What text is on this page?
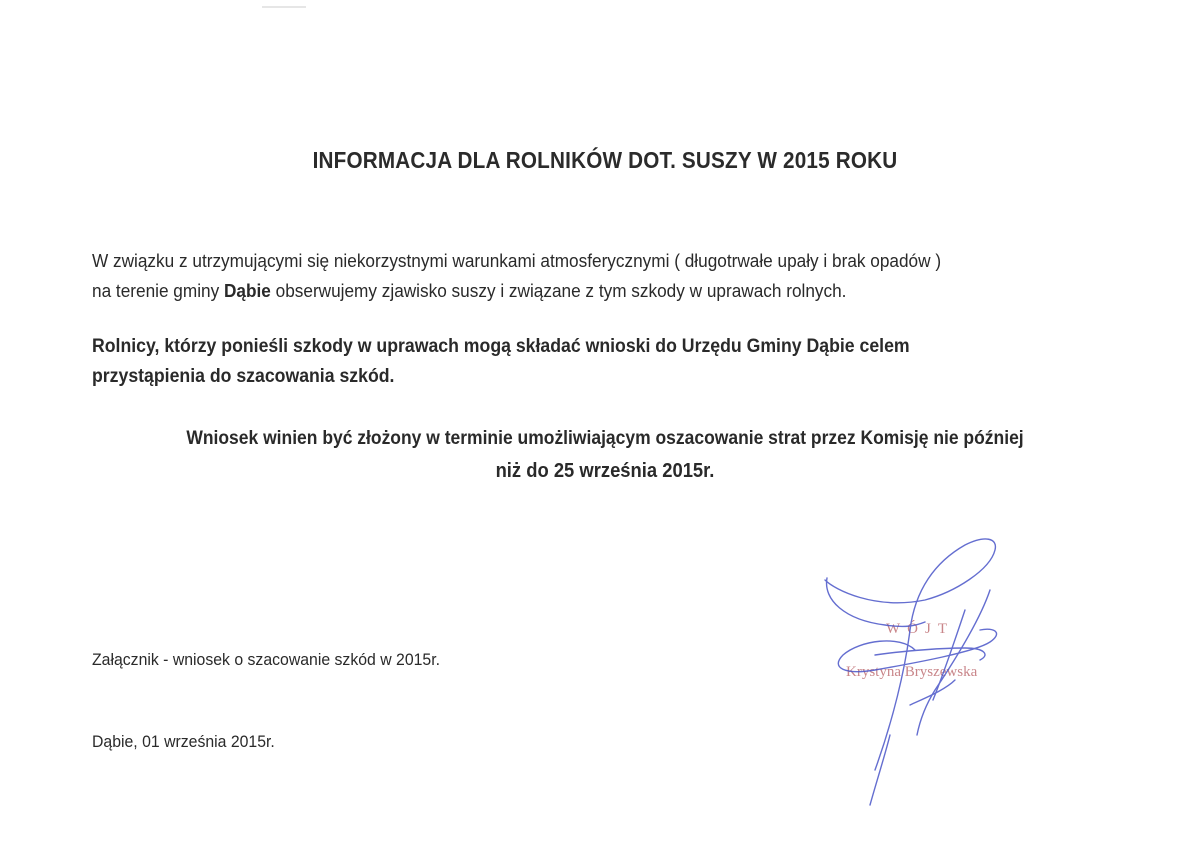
INFORMACJA DLA ROLNIKÓW DOT. SUSZY W 2015 ROKU
W związku z utrzymującymi się niekorzystnymi warunkami atmosferycznymi ( długotrwałe upały i brak opadów )
na terenie gminy Dąbie obserwujemy zjawisko suszy i związane z tym szkody w uprawach rolnych.
Rolnicy, którzy ponieśli szkody w uprawach mogą składać wnioski do Urzędu Gminy Dąbie celem
przystąpienia do szacowania szkód.
Wniosek winien być złożony w terminie umożliwiającym oszacowanie strat przez Komisję nie później
niż do 25 września 2015r.
Załącznik - wniosek o szacowanie szkód w 2015r.
Dąbie, 01 września 2015r.
WÓJT
Krystyna Bryszewska
